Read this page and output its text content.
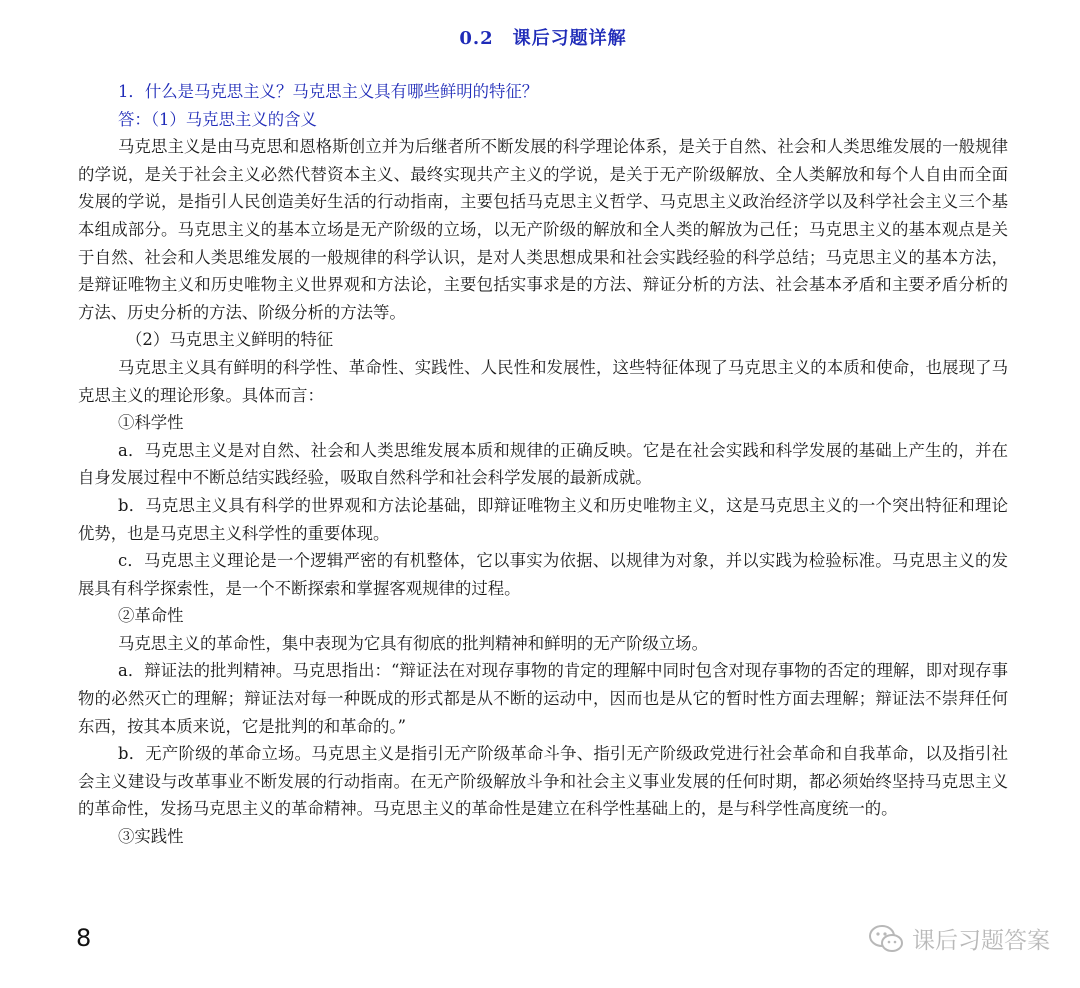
0.2　课后习题详解

1．什么是马克思主义？马克思主义具有哪些鲜明的特征？

答：（1）马克思主义的含义

马克思主义是由马克思和恩格斯创立并为后继者所不断发展的科学理论体系，是关于自然、社会和人类思维发展的一般规律的学说，是关于社会主义必然代替资本主义、最终实现共产主义的学说，是关于无产阶级解放、全人类解放和每个人自由而全面发展的学说，是指引人民创造美好生活的行动指南，主要包括马克思主义哲学、马克思主义政治经济学以及科学社会主义三个基本组成部分。马克思主义的基本立场是无产阶级的立场，以无产阶级的解放和全人类的解放为己任；马克思主义的基本观点是关于自然、社会和人类思维发展的一般规律的科学认识，是对人类思想成果和社会实践经验的科学总结；马克思主义的基本方法，是辩证唯物主义和历史唯物主义世界观和方法论，主要包括实事求是的方法、辩证分析的方法、社会基本矛盾和主要矛盾分析的方法、历史分析的方法、阶级分析的方法等。

（2）马克思主义鲜明的特征

马克思主义具有鲜明的科学性、革命性、实践性、人民性和发展性，这些特征体现了马克思主义的本质和使命，也展现了马克思主义的理论形象。具体而言：

①科学性

a．马克思主义是对自然、社会和人类思维发展本质和规律的正确反映。它是在社会实践和科学发展的基础上产生的，并在自身发展过程中不断总结实践经验，吸取自然科学和社会科学发展的最新成就。

b．马克思主义具有科学的世界观和方法论基础，即辩证唯物主义和历史唯物主义，这是马克思主义的一个突出特征和理论优势，也是马克思主义科学性的重要体现。

c．马克思主义理论是一个逻辑严密的有机整体，它以事实为依据、以规律为对象，并以实践为检验标准。马克思主义的发展具有科学探索性，是一个不断探索和掌握客观规律的过程。

②革命性

马克思主义的革命性，集中表现为它具有彻底的批判精神和鲜明的无产阶级立场。

a．辩证法的批判精神。马克思指出：“辩证法在对现存事物的肯定的理解中同时包含对现存事物的否定的理解，即对现存事物的必然灭亡的理解；辩证法对每一种既成的形式都是从不断的运动中，因而也是从它的暂时性方面去理解；辩证法不崇拜任何东西，按其本质来说，它是批判的和革命的。”

b．无产阶级的革命立场。马克思主义是指引无产阶级革命斗争、指引无产阶级政党进行社会革命和自我革命，以及指引社会主义建设与改革事业不断发展的行动指南。在无产阶级解放斗争和社会主义事业发展的任何时期，都必须始终坚持马克思主义的革命性，发扬马克思主义的革命精神。马克思主义的革命性是建立在科学性基础上的，是与科学性高度统一的。

③实践性

8	课后习题答案
